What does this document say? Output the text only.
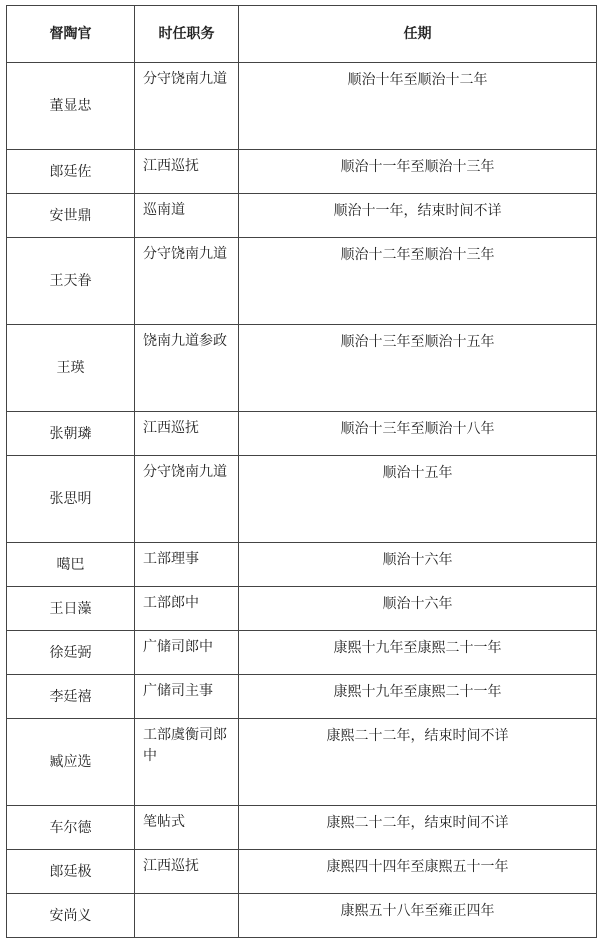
督陶官	时任职务	任期
董显忠	分守饶南九道	顺治十年至顺治十二年
郎廷佐	江西巡抚	顺治十一年至顺治十三年
安世鼎	巡南道	顺治十一年，结束时间不详
王天眷	分守饶南九道	顺治十二年至顺治十三年
王瑛	饶南九道参政	顺治十三年至顺治十五年
张朝璘	江西巡抚	顺治十三年至顺治十八年
张思明	分守饶南九道	顺治十五年
噶巴	工部理事	顺治十六年
王日藻	工部郎中	顺治十六年
徐廷弼	广储司郎中	康熙十九年至康熙二十一年
李廷禧	广储司主事	康熙十九年至康熙二十一年
臧应选	工部虞衡司郎中	康熙二十二年，结束时间不详
车尔德	笔帖式	康熙二十二年，结束时间不详
郎廷极	江西巡抚	康熙四十四年至康熙五十一年
安尚义		康熙五十八年至雍正四年
